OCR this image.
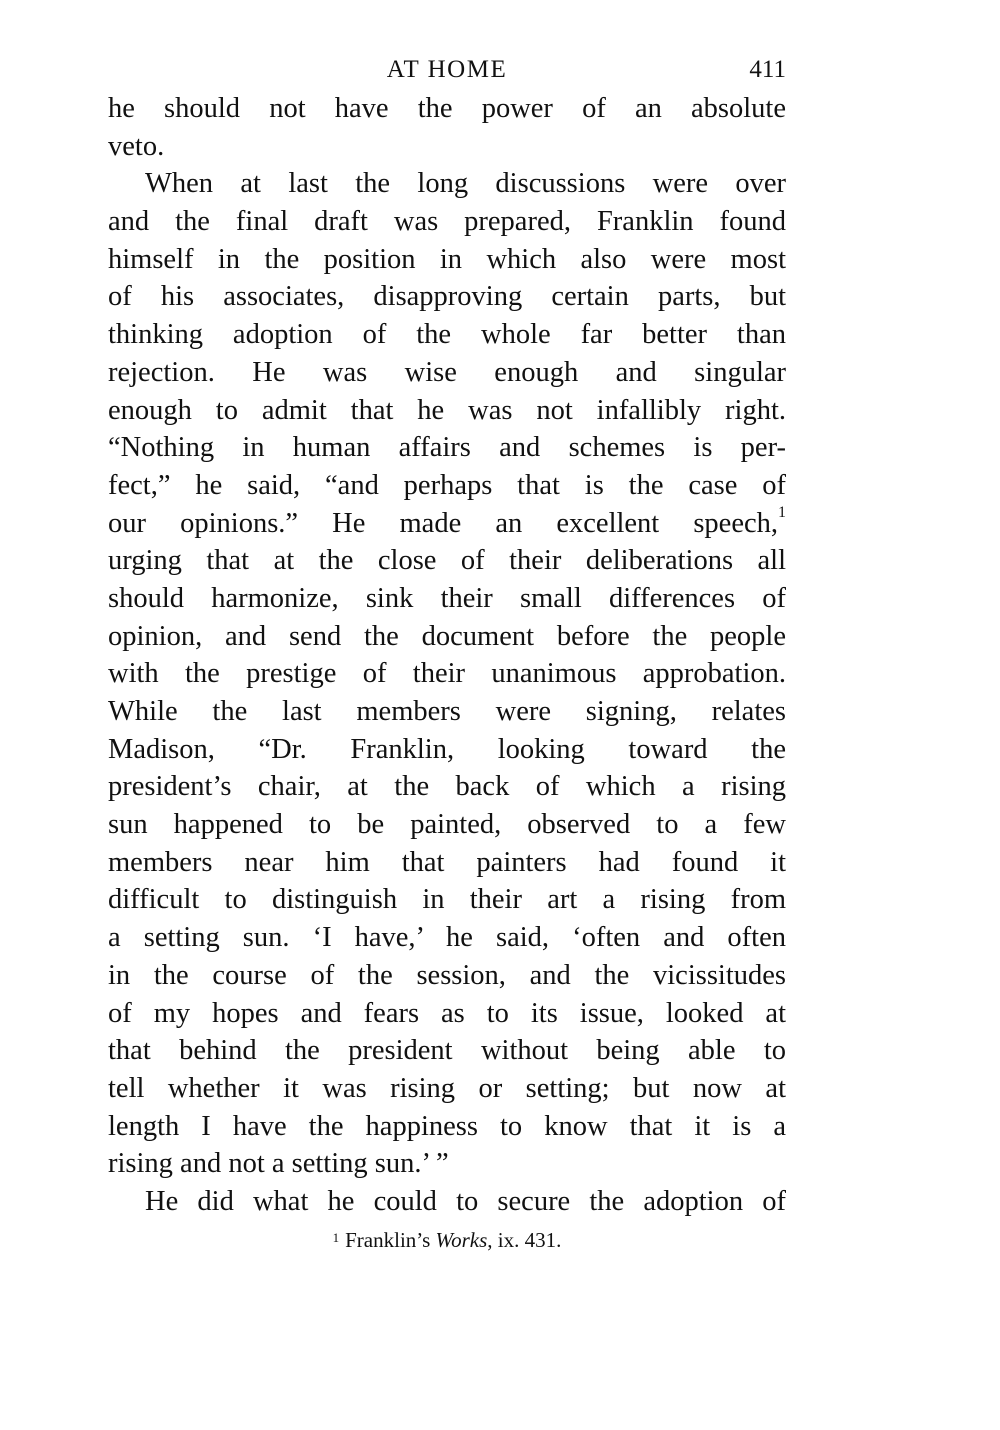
AT HOME	411
he should not have the power of an absolute
veto.
When at last the long discussions were over
and the final draft was prepared, Franklin found
himself in the position in which also were most
of his associates, disapproving certain parts, but
thinking adoption of the whole far better than
rejection. He was wise enough and singular
enough to admit that he was not infallibly right.
“Nothing in human affairs and schemes is per-
fect,” he said, “and perhaps that is the case of
our opinions.” He made an excellent speech,$^1$
urging that at the close of their deliberations all
should harmonize, sink their small differences of
opinion, and send the document before the people
with the prestige of their unanimous approbation.
While the last members were signing, relates
Madison, “Dr. Franklin, looking toward the
president’s chair, at the back of which a rising
sun happened to be painted, observed to a few
members near him that painters had found it
difficult to distinguish in their art a rising from
a setting sun. ‘I have,’ he said, ‘often and often
in the course of the session, and the vicissitudes
of my hopes and fears as to its issue, looked at
that behind the president without being able to
tell whether it was rising or setting; but now at
length I have the happiness to know that it is a
rising and not a setting sun.’ ”
He did what he could to secure the adoption of
$^1$ Franklin’s Works, ix. 431.
